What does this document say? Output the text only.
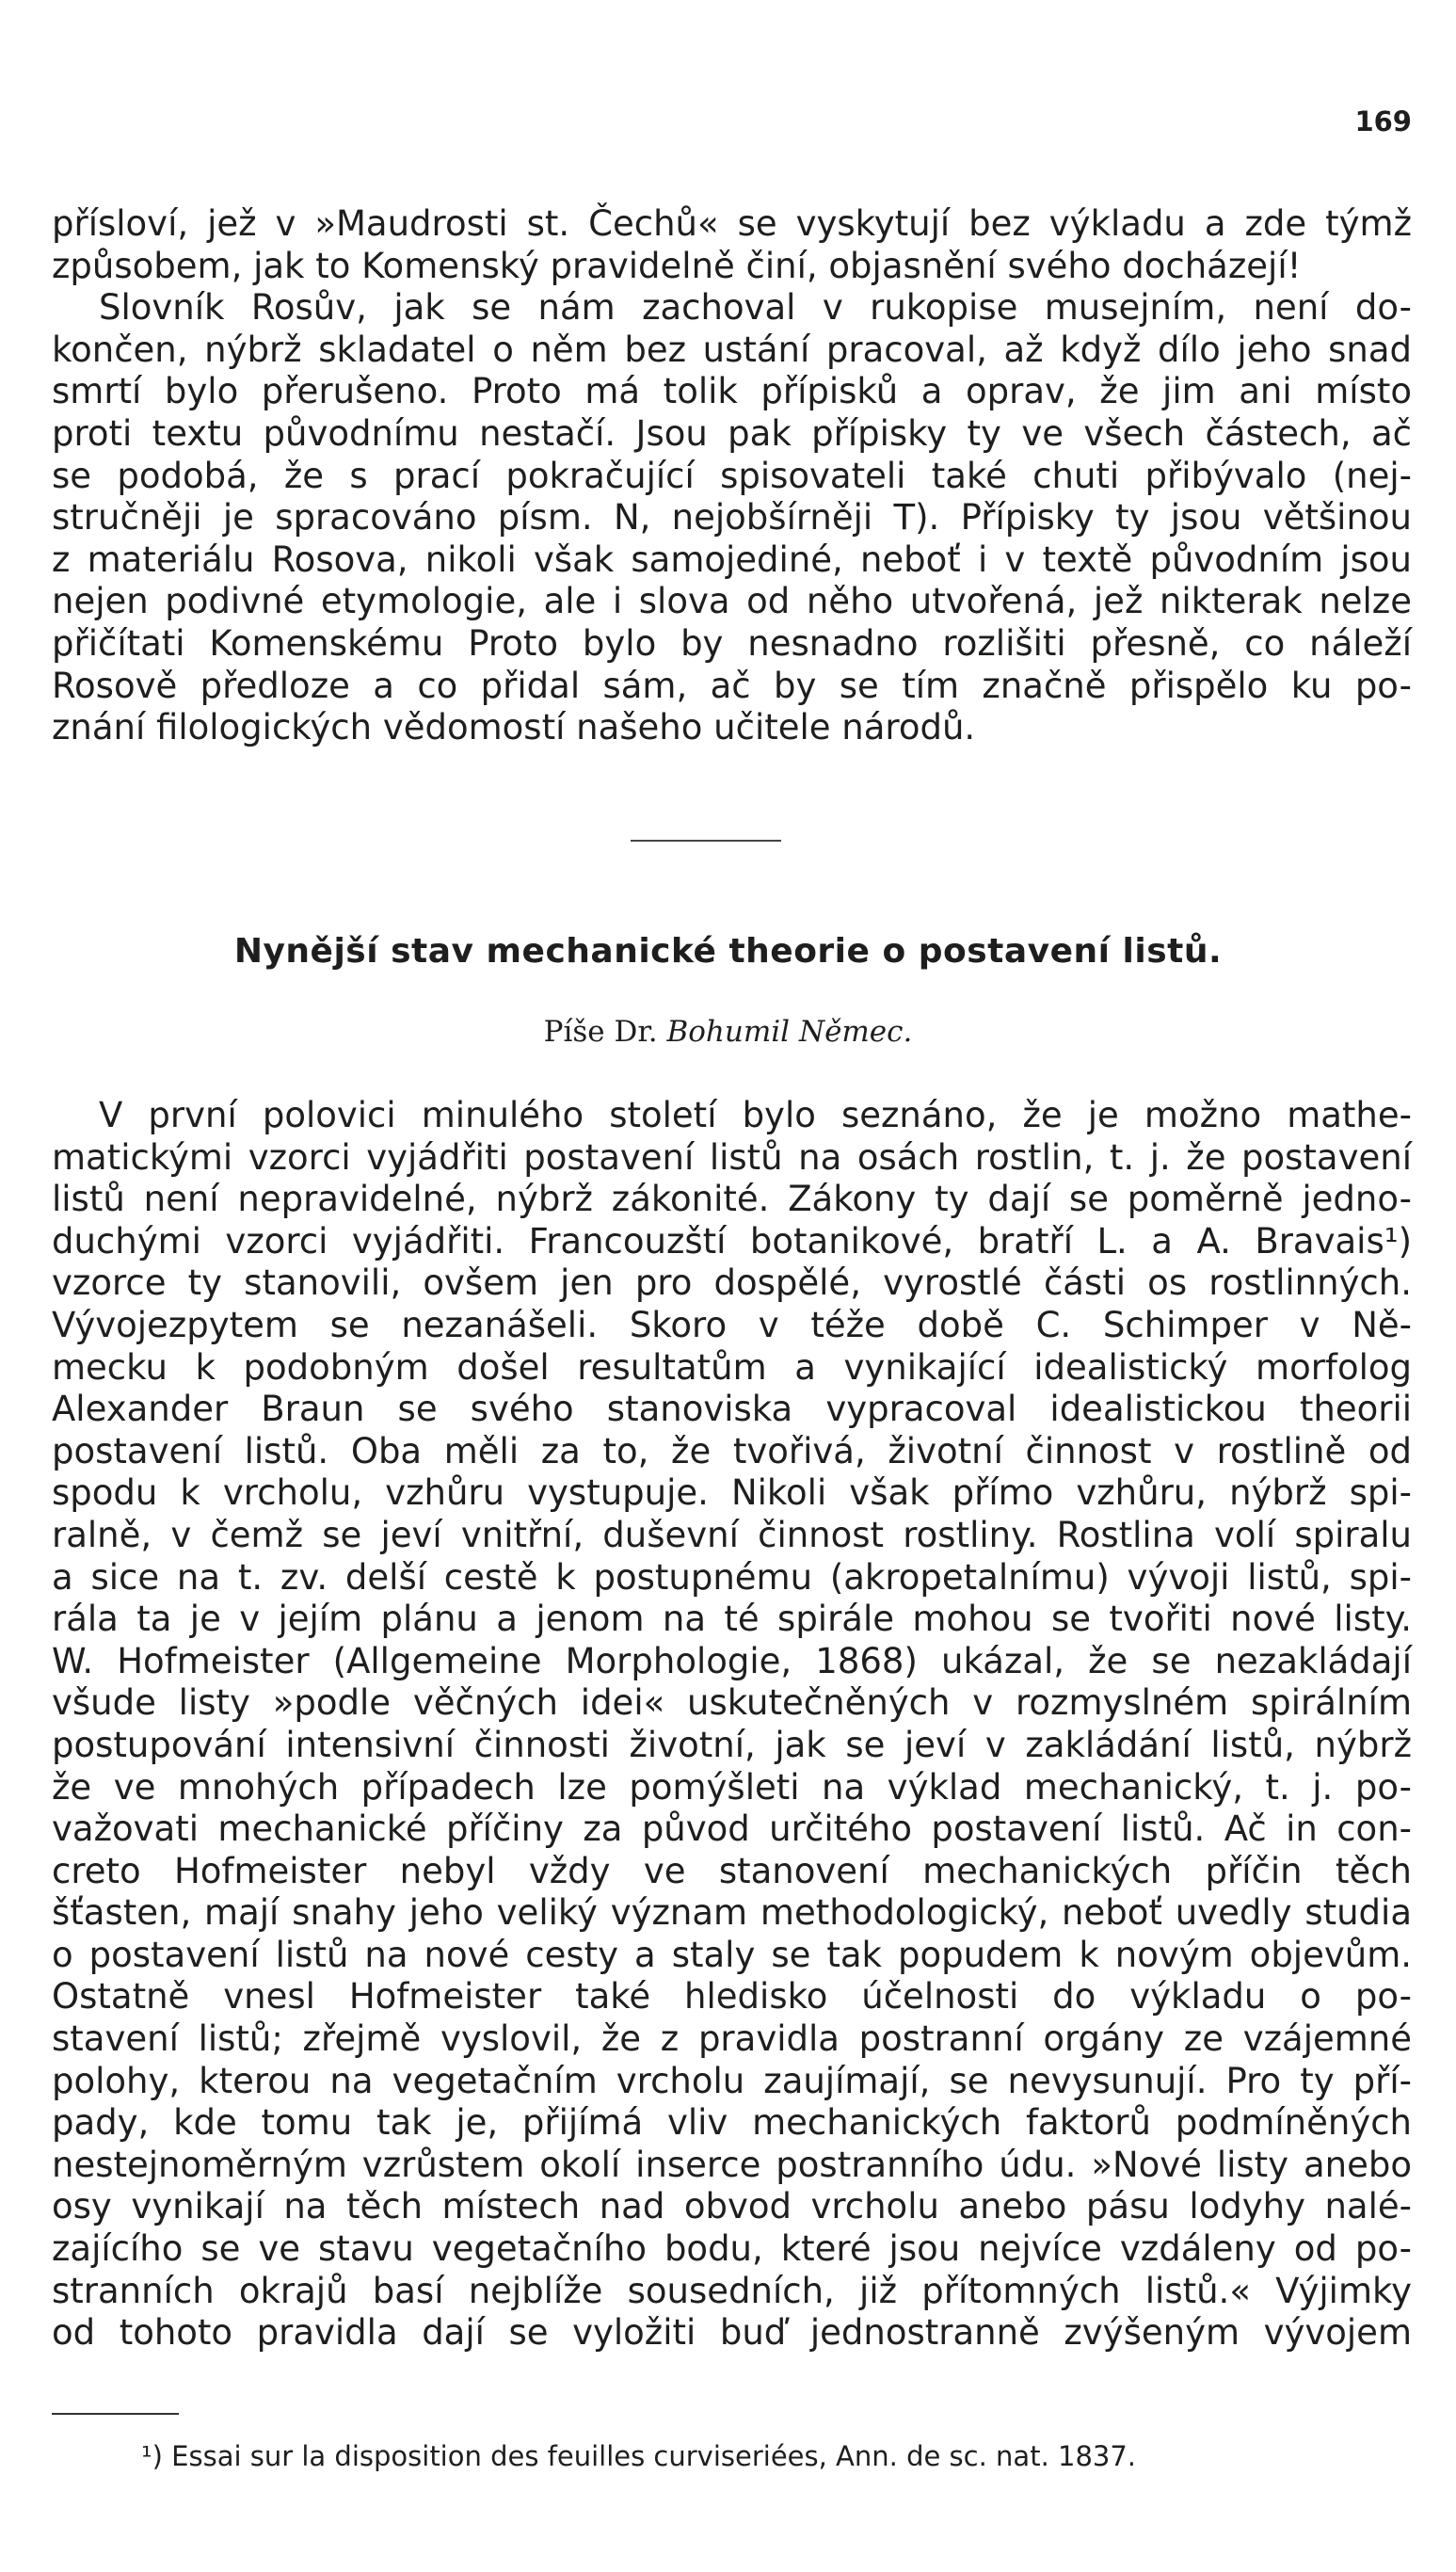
169

přísloví, jež v »Maudrosti st. Čechů« se vyskytují bez výkladu a zde týmž
způsobem, jak to Komenský pravidelně činí, objasnění svého docházejí!
Slovník Rosův, jak se nám zachoval v rukopise musejním, není do-
končen, nýbrž skladatel o něm bez ustání pracoval, až když dílo jeho snad
smrtí bylo přerušeno. Proto má tolik přípisků a oprav, že jim ani místo
proti textu původnímu nestačí. Jsou pak přípisky ty ve všech částech, ač
se podobá, že s prací pokračující spisovateli také chuti přibývalo (nej-
stručněji je spracováno písm. N, nejobšírněji T). Přípisky ty jsou většinou
z materiálu Rosova, nikoli však samojediné, neboť i v textě původním jsou
nejen podivné etymologie, ale i slova od něho utvořená, jež nikterak nelze
přičítati Komenskému Proto bylo by nesnadno rozlišiti přesně, co náleží
Rosově předloze a co přidal sám, ač by se tím značně přispělo ku po-
znání filologických vědomostí našeho učitele národů.

Nynější stav mechanické theorie o postavení listů.
Píše Dr. Bohumil Němec.

V první polovici minulého století bylo seznáno, že je možno mathe-
matickými vzorci vyjádřiti postavení listů na osách rostlin, t. j. že postavení
listů není nepravidelné, nýbrž zákonité. Zákony ty dají se poměrně jedno-
duchými vzorci vyjádřiti. Francouzští botanikové, bratří L. a A. Bravais¹)
vzorce ty stanovili, ovšem jen pro dospělé, vyrostlé části os rostlinných.
Vývojezpytem se nezanášeli. Skoro v téže době C. Schimper v Ně-
mecku k podobným došel resultatům a vynikající idealistický morfolog
Alexander Braun se svého stanoviska vypracoval idealistickou theorii
postavení listů. Oba měli za to, že tvořivá, životní činnost v rostlině od
spodu k vrcholu, vzhůru vystupuje. Nikoli však přímo vzhůru, nýbrž spi-
ralně, v čemž se jeví vnitřní, duševní činnost rostliny. Rostlina volí spiralu
a sice na t. zv. delší cestě k postupnému (akropetalnímu) vývoji listů, spi-
rála ta je v jejím plánu a jenom na té spirále mohou se tvořiti nové listy.
W. Hofmeister (Allgemeine Morphologie, 1868) ukázal, že se nezakládají
všude listy »podle věčných idei« uskutečněných v rozmyslném spirálním
postupování intensivní činnosti životní, jak se jeví v zakládání listů, nýbrž
že ve mnohých případech lze pomýšleti na výklad mechanický, t. j. po-
važovati mechanické příčiny za původ určitého postavení listů. Ač in con-
creto Hofmeister nebyl vždy ve stanovení mechanických příčin těch
šťasten, mají snahy jeho veliký význam methodologický, neboť uvedly studia
o postavení listů na nové cesty a staly se tak popudem k novým objevům.
Ostatně vnesl Hofmeister také hledisko účelnosti do výkladu o po-
stavení listů; zřejmě vyslovil, že z pravidla postranní orgány ze vzájemné
polohy, kterou na vegetačním vrcholu zaujímají, se nevysunují. Pro ty pří-
pady, kde tomu tak je, přijímá vliv mechanických faktorů podmíněných
nestejnoměrným vzrůstem okolí inserce postranního údu. »Nové listy anebo
osy vynikají na těch místech nad obvod vrcholu anebo pásu lodyhy nalé-
zajícího se ve stavu vegetačního bodu, které jsou nejvíce vzdáleny od po-
stranních okrajů basí nejblíže sousedních, již přítomných listů.« Výjimky
od tohoto pravidla dají se vyložiti buď jednostranně zvýšeným vývojem

¹) Essai sur la disposition des feuilles curviseriées, Ann. de sc. nat. 1837.
